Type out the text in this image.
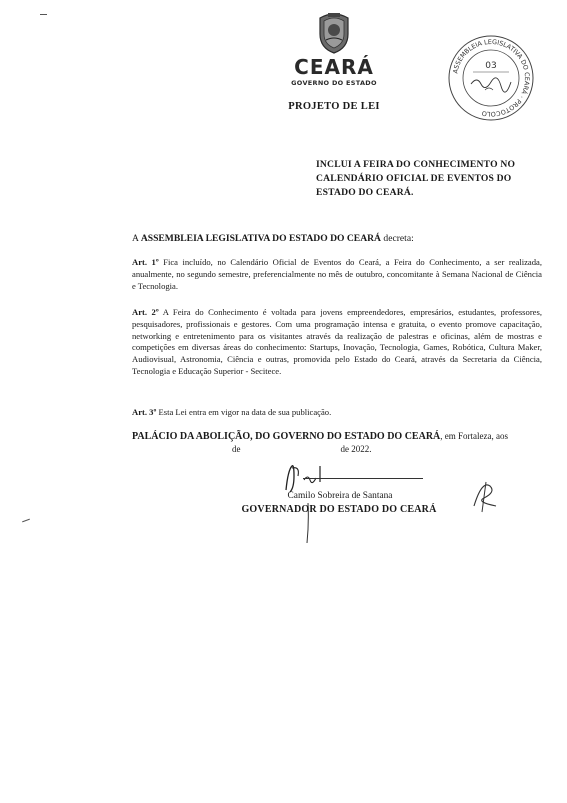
CEARÁ
GOVERNO DO ESTADO
PROJETO DE LEI
ASSEMBLEIA LEGISLATIVA DO CEARÁ · PROTOCOLO
03
INCLUI A FEIRA DO CONHECIMENTO NO
CALENDÁRIO OFICIAL DE EVENTOS DO
ESTADO DO CEARÁ.
A ASSEMBLEIA LEGISLATIVA DO ESTADO DO CEARÁ decreta:
Art. 1º Fica incluído, no Calendário Oficial de Eventos do Ceará, a Feira do Conhecimento, a ser realizada, anualmente, no segundo semestre, preferencialmente no mês de outubro, concomitante à Semana Nacional de Ciência e Tecnologia.
Art. 2º A Feira do Conhecimento é voltada para jovens empreendedores, empresários, estudantes, professores, pesquisadores, profissionais e gestores. Com uma programação intensa e gratuita, o evento promove capacitação, networking e entretenimento para os visitantes através da realização de palestras e oficinas, além de mostras e competições em diversas áreas do conhecimento: Startups, Inovação, Tecnologia, Games, Robótica, Cultura Maker, Audiovisual, Astronomia, Ciência e outras, promovida pelo Estado do Ceará, através da Secretaria da Ciência, Tecnologia e Educação Superior - Secitece.
Art. 3º Esta Lei entra em vigor na data de sua publicação.
PALÁCIO DA ABOLIÇÃO, DO GOVERNO DO ESTADO DO CEARÁ, em Fortaleza, aosde	de 2022.
Camilo Sobreira de Santana
GOVERNADOR DO ESTADO DO CEARÁ
